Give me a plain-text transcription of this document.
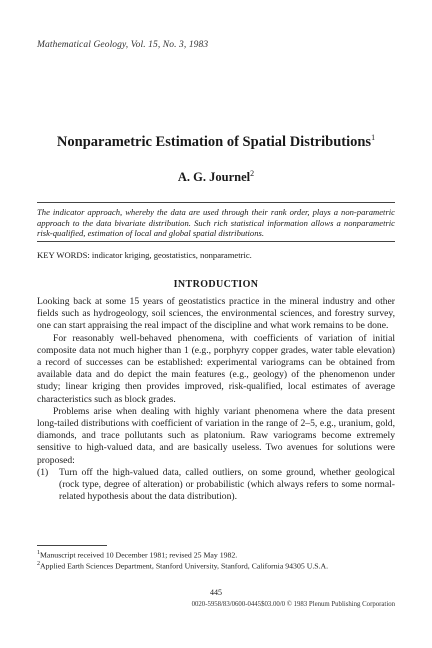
Mathematical Geology, Vol. 15, No. 3, 1983
Nonparametric Estimation of Spatial Distributions$^1$
A. G. Journel$^2$
The indicator approach, whereby the data are used through their rank order, plays a non-parametric approach to the data bivariate distribution. Such rich statistical information allows a nonparametric risk-qualified, estimation of local and global spatial distributions.
KEY WORDS: indicator kriging, geostatistics, nonparametric.
INTRODUCTION

Looking back at some 15 years of geostatistics practice in the mineral industry and other fields such as hydrogeology, soil sciences, the environmental sciences, and forestry survey, one can start appraising the real impact of the discipline and what work remains to be done.

For reasonably well-behaved phenomena, with coefficients of variation of initial composite data not much higher than 1 (e.g., porphyry copper grades, water table elevation) a record of successes can be established: experimental variograms can be obtained from available data and do depict the main features (e.g., geology) of the phenomenon under study; linear kriging then provides improved, risk-qualified, local estimates of average characteristics such as block grades.

Problems arise when dealing with highly variant phenomena where the data present long-tailed distributions with coefficient of variation in the range of 2–5, e.g., uranium, gold, diamonds, and trace pollutants such as platonium. Raw variograms become extremely sensitive to high-valued data, and are basically useless. Two avenues for solutions were proposed:

(1) Turn off the high-valued data, called outliers, on some ground, whether geological (rock type, degree of alteration) or probabilistic (which always refers to some normal-related hypothesis about the data distribution).

$^1$Manuscript received 10 December 1981; revised 25 May 1982.

$^2$Applied Earth Sciences Department, Stanford University, Stanford, California 94305 U.S.A.

445
0020-5958/83/0600-0445$03.00/0 © 1983 Plenum Publishing Corporation
